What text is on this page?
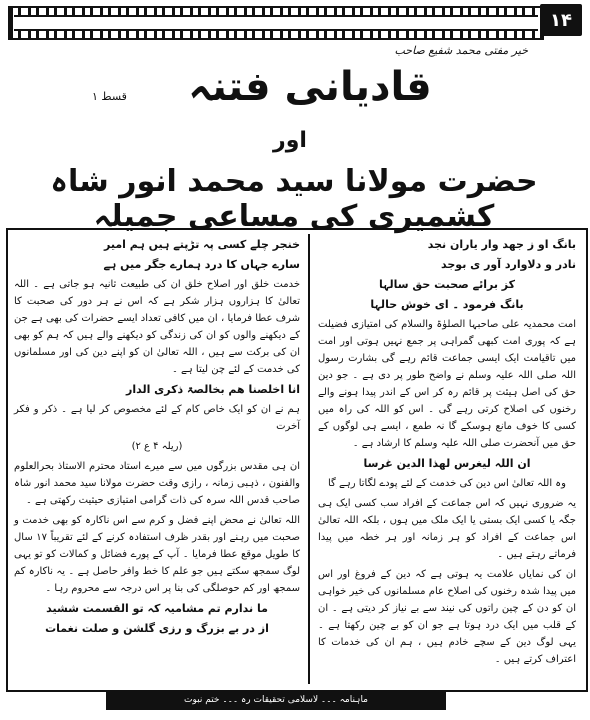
۱۴
خیر مفتی محمد شفیع صاحب
قسط ۱	قادیانی فتنہ
اور
حضرت مولانا سید محمد انور شاہ کشمیری کی مساعی جمیلہ

بانگ او ز جهد وار یاران نجد

نادر و دلاوارد آور ی بوجد

کز برائے صحبت حق سالہا

بانگ فرمود ۔ ای خوش حالہا

امت محمدیہ علی صاحبہا الصلوٰۃ والسلام کی امتیازی فضیلت ہے کہ پوری امت کبھی گمراہی پر جمع نہیں ہوتی اور امت میں تاقیامت ایک ایسی جماعت قائم رہے گی بشارت رسول اللہ صلی اللہ علیہ وسلم نے واضح طور پر دی ہے ۔ جو دین حق کی اصل ہیئت پر قائم رہ کر اس کے اندر پیدا ہونے والے رخنوں کی اصلاح کرتی رہے گی ۔ اس کو اللہ کی راہ میں کسی کا خوف مانع ہوسکے گا نہ طمع ، ایسے ہی لوگوں کے حق میں آنحضرت صلی اللہ علیہ وسلم کا ارشاد ہے ۔

ان اللہ لیغرس لھذا الدین غرسا

وہ اللہ تعالیٰ اس دین کی خدمت کے لئے پودے لگاتا رہے گا

یہ ضروری نہیں کہ اس جماعت کے افراد سب کسی ایک ہی جگہ یا کسی ایک بستی یا ایک ملک میں ہوں ، بلکہ اللہ تعالیٰ اس جماعت کے افراد کو ہر زمانہ اور ہر خطہ میں پیدا فرماتے رہتے ہیں ۔

ان کی نمایاں علامت یہ ہوتی ہے کہ دین کے فروغ اور اس میں پیدا شدہ رخنوں کی اصلاح عام مسلمانوں کی خیر خواہی ان کو دن کے چین راتوں کی نیند سے بے نیاز کر دیتی ہے ۔ ان کے قلب میں ایک درد ہوتا ہے جو ان کو بے چین رکھتا ہے ۔ یہی لوگ دین کے سچے خادم ہیں ، ہم ان کی خدمات کا اعتراف کرتے ہیں ۔

خنجر چلے کسی پہ تڑپتے ہیں ہم امیر

سارے جہاں کا درد ہمارے جگر میں ہے

خدمت خلق اور اصلاح خلق ان کی طبیعت ثانیہ ہو جاتی ہے ۔ اللہ تعالیٰ کا ہزاروں ہزار شکر ہے کہ اس نے ہر دور کی صحبت کا شرف عطا فرمایا ، ان میں کافی تعداد ایسے حضرات کی بھی ہے جن کے دیکھنے والوں کو ان کی زندگی کو دیکھنے والے ہیں کہ ہم کو بھی ان کی برکت سے ہیں ، اللہ تعالیٰ ان کو اپنے دین کی اور مسلمانوں کی خدمت کے لئے چن لیتا ہے ۔

انا اخلصنا ھم بخالصۃ ذکری الدار

ہم نے ان کو ایک خاص کام کے لئے مخصوص کر لیا ہے ۔ ذکر و فکر آخرت

(ریلہ ۴ ع ۲)

ان ہی مقدس بزرگوں میں سے میرے استاد محترم الاستاذ بحرالعلوم والفنون ، ذہبی زمانہ ، رازی وقت حضرت مولانا سید محمد انور شاہ صاحب قدس اللہ سرہ کی ذات گرامی امتیازی حیثیت رکھتی ہے ۔

اللہ تعالیٰ نے محض اپنے فضل و کرم سے اس ناکارہ کو بھی خدمت و صحبت میں رہنے اور بقدر ظرف استفادہ کرنے کے لئے تقریباً ۱۷ سال کا طویل موقع عطا فرمایا ۔ آپ کے پورے فضائل و کمالات کو تو یہی لوگ سمجھ سکتے ہیں جو علم کا خط وافر حاصل ہے ۔ یہ ناکارہ کم سمجھ اور کم حوصلگی کی بنا پر اس درجہ سے محروم رہا ۔

ما ندارم تم مشامیہ کہ تو القسمت ششید

از در بے بزرگ و رزی گلشن و صلت نغمات

ماہنامہ ۔۔۔ لاسلامی تحقیقات رہ ۔۔۔ ختم نبوت
